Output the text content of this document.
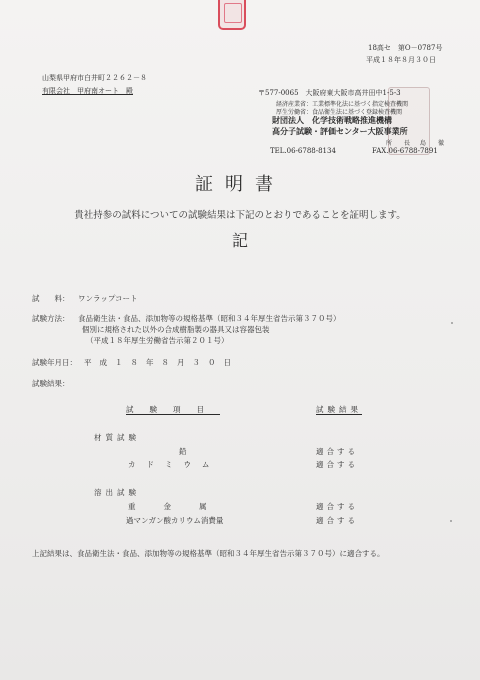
18高セ　第O－0787号
平成１８年８月３０日
山梨県甲府市白井町２２６２－８
有限会社　甲府南オート　殿	〒577-0065　大阪府東大阪市高井田中1-5-3
経済産業省：工業標準化法に基づく指定検査機関
厚生労働省：食品衛生法に基づく登録検査機関
財団法人　化学技術戦略推進機構
高分子試験・評価センター大阪事業所
所　　長 島　　徹
TEL.06-6788-8134	FAX.06-6788-7891
証明書
貴社持参の試料についての試験結果は下記のとおりであることを証明します。
記
試　　料： ワンラップコート
試験方法： 食品衛生法・食品、添加物等の規格基準（昭和３４年厚生省告示第３７０号）
個別に規格された以外の合成樹脂製の器具又は容器包装
（平成１８年厚生労働省告示第２０１号）
試験年月日： 平成１８年８月３０日
試験結果：
試験項目	試験結果
材質試験
鉛	適合する
カドミウム	適合する
溶出試験
重金属	適合する
過マンガン酸カリウム消費量	適合する
上記結果は、食品衛生法・食品、添加物等の規格基準（昭和３４年厚生省告示第３７０号）に適合する。
